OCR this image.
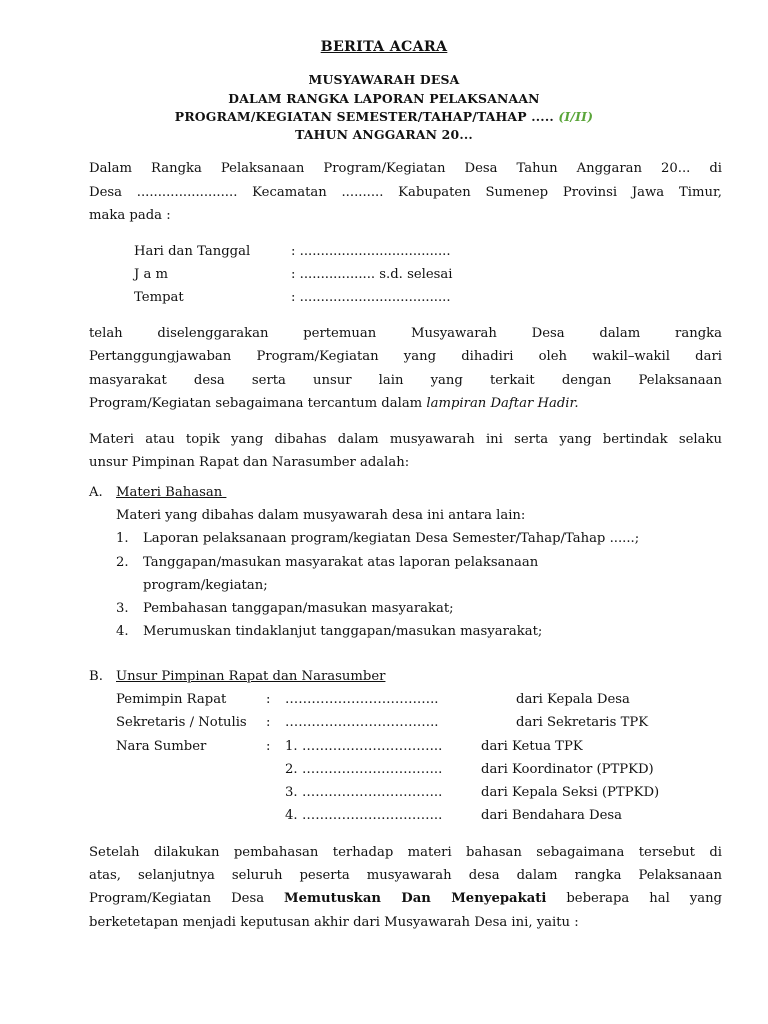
BERITA ACARA
MUSYAWARAH DESA
DALAM RANGKA LAPORAN PELAKSANAAN
PROGRAM/KEGIATAN SEMESTER/TAHAP/TAHAP ..... (I/II)
TAHUN ANGGARAN 20...
Dalam Rangka Pelaksanaan Program/Kegiatan Desa Tahun Anggaran 20... di
Desa ........................ Kecamatan .......... Kabupaten Sumenep Provinsi Jawa Timur,
maka pada :
Hari dan Tanggal	: ....................................
J a m	: .................. s.d. selesai
Tempat	: ....................................
telah diselenggarakan pertemuan Musyawarah Desa dalam rangka
Pertanggungjawaban Program/Kegiatan yang dihadiri oleh wakil–wakil dari
masyarakat desa serta unsur lain yang terkait dengan Pelaksanaan
Program/Kegiatan sebagaimana tercantum dalam lampiran Daftar Hadir.
Materi atau topik yang dibahas dalam musyawarah ini serta yang bertindak selaku
unsur Pimpinan Rapat dan Narasumber adalah:
A. Materi Bahasan
Materi yang dibahas dalam musyawarah desa ini antara lain:
1. Laporan pelaksanaan program/kegiatan Desa Semester/Tahap/Tahap ......;
2. Tanggapan/masukan masyarakat atas laporan pelaksanaan
program/kegiatan;
3. Pembahasan tanggapan/masukan masyarakat;
4. Merumuskan tindaklanjut tanggapan/masukan masyarakat;
B. Unsur Pimpinan Rapat dan Narasumber
Pemimpin Rapat	: ……………………………..	dari Kepala Desa
Sekretaris / Notulis : ……………………………..	dari Sekretaris TPK
Nara Sumber	: 1. …………………………..	dari Ketua TPK
2. …………………………..	dari Koordinator (PTPKD)
3. …………………………..	dari Kepala Seksi (PTPKD)
4. …………………………..	dari Bendahara Desa
Setelah dilakukan pembahasan terhadap materi bahasan sebagaimana tersebut di
atas, selanjutnya seluruh peserta musyawarah desa dalam rangka Pelaksanaan
Program/Kegiatan Desa Memutuskan Dan Menyepakati beberapa hal yang
berketetapan menjadi keputusan akhir dari Musyawarah Desa ini, yaitu :
